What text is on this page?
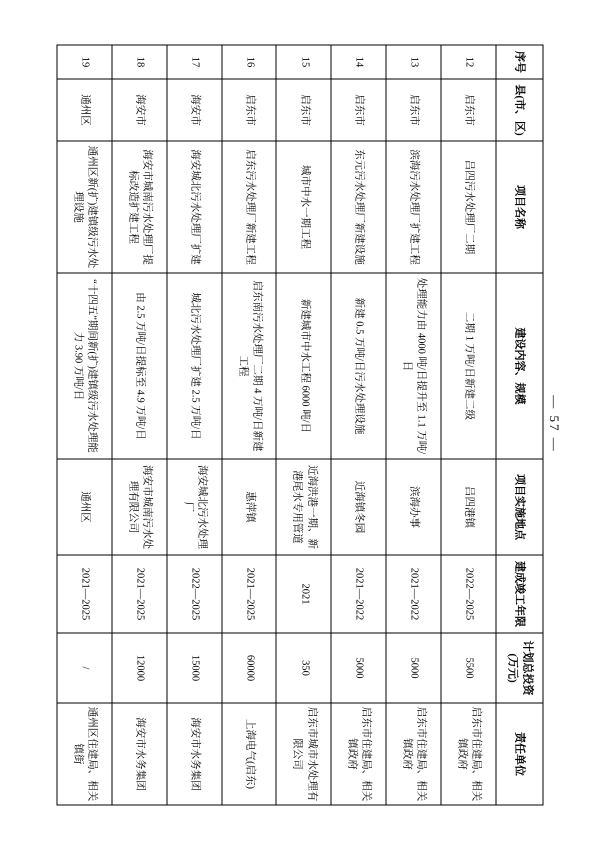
— 57 —
序号	县(市、区)	项目名称	建设内容、规模	项目实施地点	建成竣工年限	计划总投资(万元)	责任单位
12	启东市	吕四污水处理厂二期	二期 1 万吨/日新建二级	吕四港镇	2022—2025	5500	启东市住建局、相关镇政府
13	启东市	滨海污水处理厂扩建工程	处理能力由 4000 吨/日提升至 1.1 万吨/日	滨海办事	2021—2022	5000	启东市住建局、相关镇政府
14	启东市	东元污水处理厂新建设施	新建 0.5 万吨/日污水处理设施	近海镇冬园	2021—2022	5000	启东市住建局、相关镇政府
15	启东市	城市中水一期工程	新建城市中水工程 6000 吨/日	近海洪港一期、新港尾水专用管道	2021	350	启东市城市水处理有限公司
16	启东市	启东污水处理厂新建工程	启东南污水处理厂二期 4 万吨/日新建工程	惠萍镇	2021—2025	60000	上海电气(启东)
17	海安市	海安城北污水处理厂扩建	城北污水处理厂扩建 2.5 万吨/日	海安城北污水处理厂	2022—2025	15000	海安市水务集团
18	海安市	海安市城南污水处理厂提标改造扩建工程	由 2.5 万吨/日提标至 4.9 万吨/日	海安市城南污水处理有限公司	2021—2025	12000	海安市水务集团
19	通州区	通州区新(扩)建镇级污水处理设施	“十四五”期间新(扩)建镇级污水处理能力 3.90 万吨/日	通州区	2021—2025	/	通州区住建局、相关镇街
